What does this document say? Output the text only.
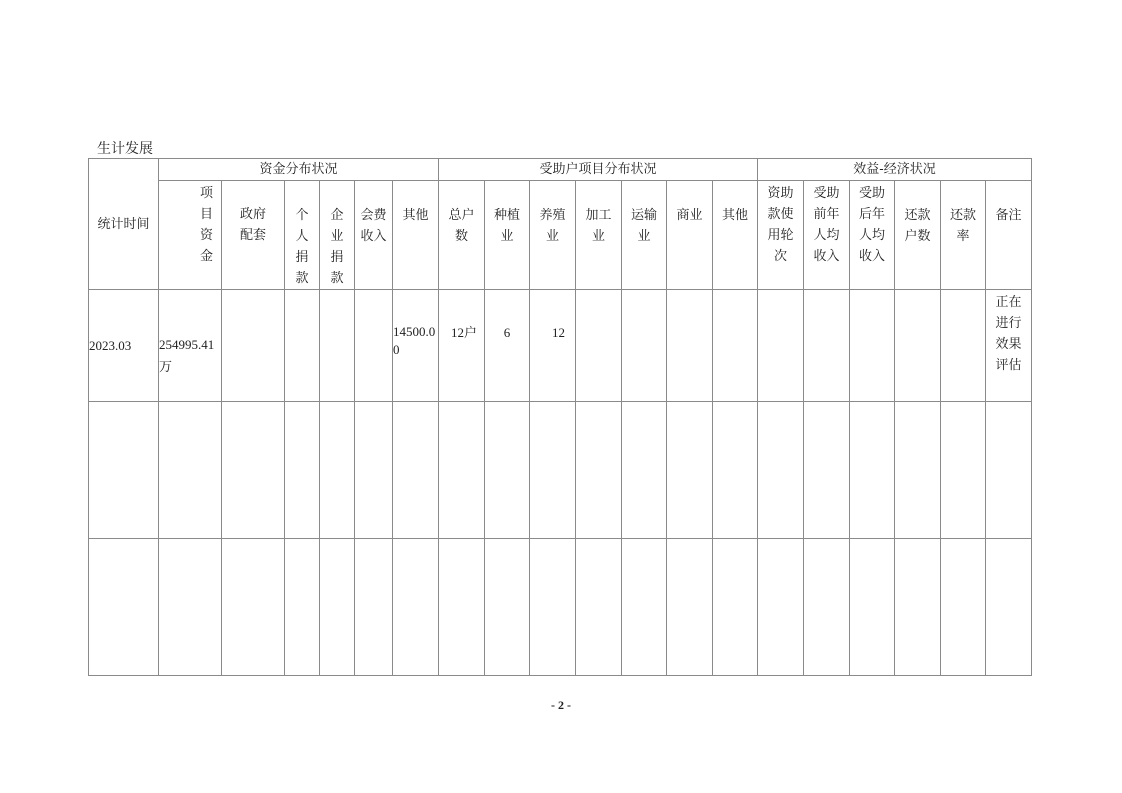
生计发展
统计时间	资金分布状况						受助户项目分布状况							效益-经济状况					
	项目资金	政府配套	个人捐款	企业捐款	会费收入	其他	总户数	种植业	养殖业	加工业	运输业	商业	其他	资助款使用轮次	受助前年人均收入	受助后年人均收入	还款户数	还款率	备注
2023.03	254995.41万					14500.00	12户	6	12										正在进行效果评估

- 2 -
